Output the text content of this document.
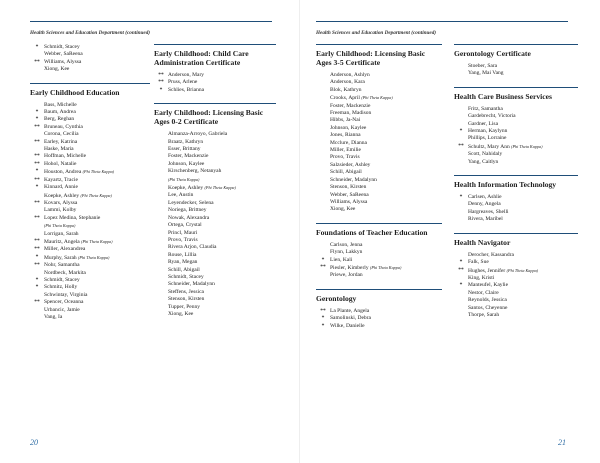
Health Sciences and Education Department (continued)
*	Schmidt, Stacey
Webber, SaReena
** Williams, Alyssa
Xiong, Kee
Early Childhood Education
Bass, Michelle
*	Baum, Andrea
*	Berg, Reghan
** Bruneau, Cynthia
Corona, Cecilia
** Earley, Katrina
Haske, Maria
** Hoffman, Michelle
** Hohol, Natalie
*	Houston, Andrea (Phi Theta Kappa)
** Kayartz, Tracie
*	Kinnard, Annie
Koepke, Ashley (Phi Theta Kappa)
** Kovars, Alyssa
Lammi, Kolby
** Lopez Medina, Stephanie
(Phi Theta Kappa)
Lorrigan, Sarah
** Mauritz, Angela (Phi Theta Kappa)
** Miller, Alexandrea
*	Murphy, Sarah (Phi Theta Kappa)
** Nohr, Samantha
Nordbeck, Markita
*	Schmidt, Stacey
*	Schmitz, Holly
Schwintay, Virginia
** Spencer, Oceanna
Urbancic, Jamie
Vang, Ia
Early Childhood: Child Care Administration Certificate
** Anderson, Mary
** Pruss, Arlene
*	Schlies, Brianna
Early Childhood: Licensing Basic Ages 0-2 Certificate
Almanza-Arroyo, Gabriela
Braatz, Kathryn
Esser, Brittany
Foster, Mackenzie
Johnson, Kaylee
Kirschenberg, Netanyah
(Phi Theta Kappa)
Koepke, Ashley (Phi Theta Kappa)
Lee, Austin
Leyendecker, Selena
Noriega, Brittney
Nowak, Alexandra
Ortega, Crystal
Princl, Mauri
Provo, Travis
Rivera Arjon, Claudia
Rouse, Lillia
Ryan, Megan
Schill, Abigail
Schmidt, Stacey
Schneider, Madalynn
Steffens, Jessica
Stenson, Kirsten
Tupper, Penny
Xiong, Kee
20
Health Sciences and Education Department (continued)
Early Childhood: Licensing Basic Ages 3-5 Certificate
Anderson, Ashlyn
Anderson, Kara
Blok, Kathryn
Crooks, April (Phi Theta Kappa)
Foster, Mackenzie
Freeman, Madison
Hibbs, Ja-Nai
Johnson, Kaylee
Jones, Rianna
Mcclure, Dianna
Miller, Emilie
Provo, Travis
Salzsieder, Ashley
Schill, Abigail
Schneider, Madalynn
Stenson, Kirsten
Webber, SaReena
Williams, Alyssa
Xiong, Kee
Foundations of Teacher Education
Carlson, Jenna
Flynn, Lakkyn
*	Lien, Kali
** Piesler, Kimberly (Phi Theta Kappa)
Priewe, Jordan
Gerontology
** La Plante, Angela
*	Samolinski, Debra
*	Wilke, Danielle
Gerontology Certificate
Stoeber, Sara
Yang, Mai Vang
Health Care Business Services
Fritz, Samantha
Gardebrecht, Victoria
Gardner, Lisa
*	Herman, Kaylynn
Phillips, Lorraine
** Schultz, Mary Ann (Phi Theta Kappa)
Scott, Nahidaly
Yang, Caitlyn
Health Information Technology
*	Carlsen, Ashlie
Denny, Angela
Hargreaves, Shelli
Rivera, Maribel
Health Navigator
Derocher, Kassandra
*	Falk, Sue
** Hughes, Jennifer (Phi Theta Kappa)
King, Kristi
*	Manteufel, Kaylie
Nestor, Claire
Reynolds, Jessica
Santos, Cheyenne
Thorpe, Sarah
21
